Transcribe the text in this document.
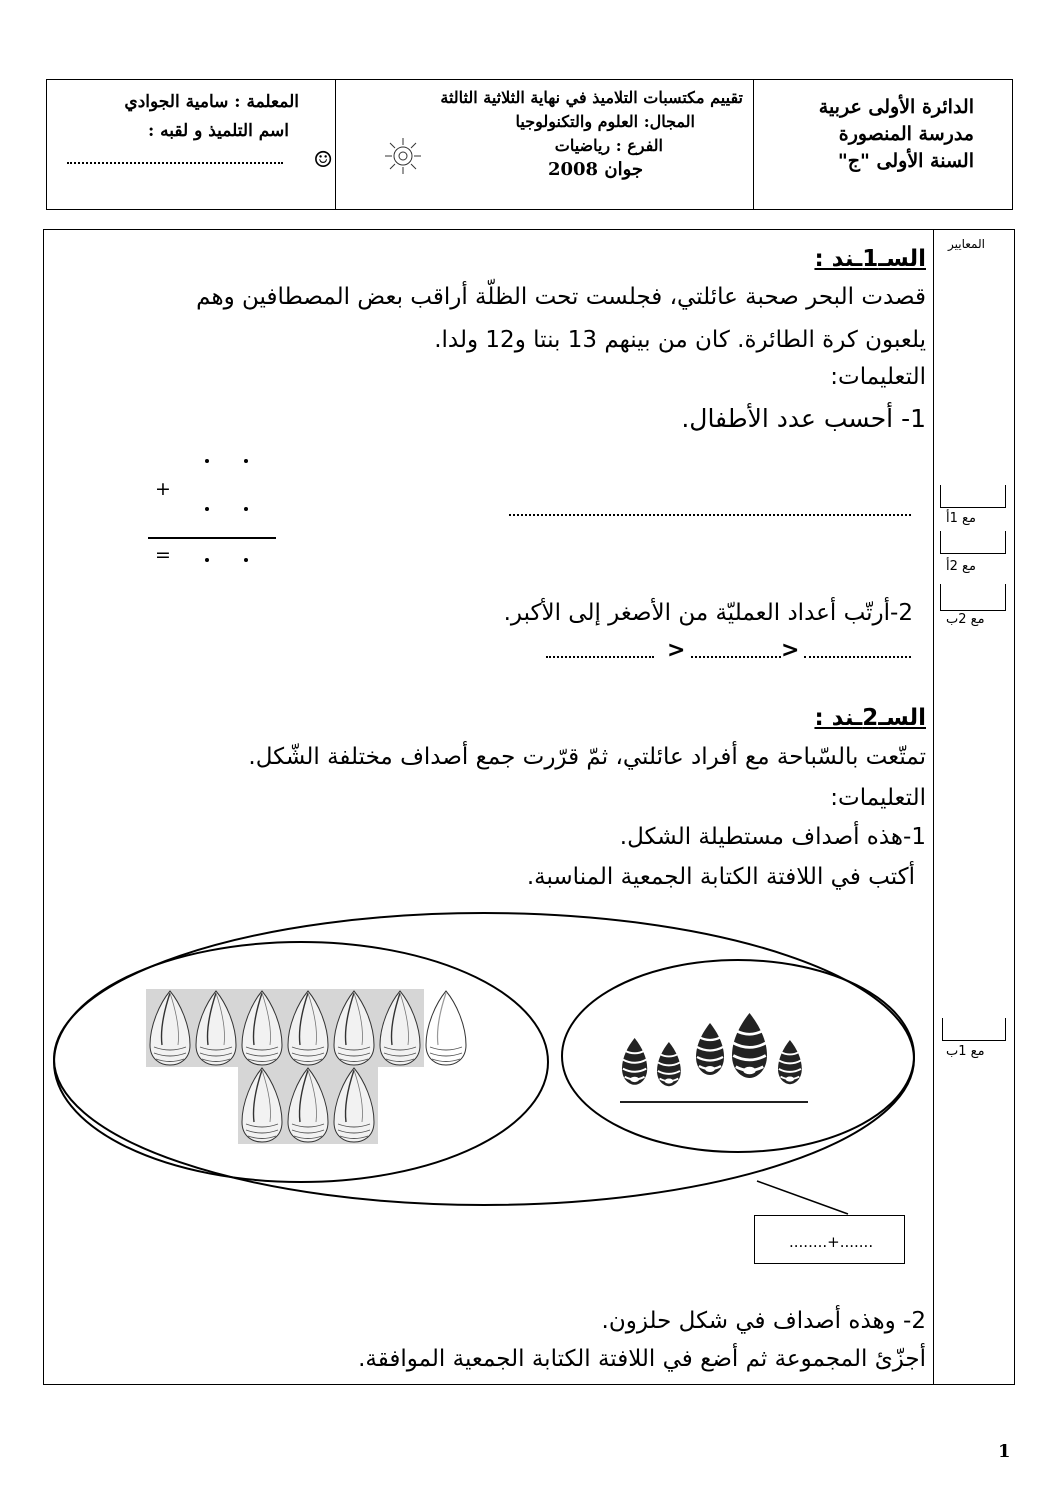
الدائرة الأولى عربية
مدرسة المنصورة
السنة الأولى "ج"
تقييم مكتسبات التلاميذ في نهاية الثلاثية الثالثة
المجال: العلوم والتكنولوجيا
الفرع : رياضيات
جوان 2008
المعلمة : سامية الجوادي
اسم التلميذ و لقبه :
☺
المعايير
مع 1أ
مع 2أ
مع 2ب
مع 1ب
السـ1ـند :
قصدت البحر صحبة عائلتي، فجلست تحت الظلّة أراقب بعض المصطافين وهم
يلعبون كرة الطائرة. كان من بينهم 13 بنتا و12 ولدا.
التعليمات:
1- أحسب عدد الأطفال.
+
=
2-أرتّب أعداد العمليّة من الأصغر إلى الأكبر.
>	>
السـ2ـند :
تمتّعت بالسّباحة مع أفراد عائلتي، ثمّ قرّرت جمع أصداف مختلفة الشّكل.
التعليمات:
1-هذه أصداف مستطيلة الشكل.
أكتب في اللافتة الكتابة الجمعية المناسبة.
........+.......
2- وهذه أصداف في شكل حلزون.
أجزّئ المجموعة ثم أضع في اللافتة الكتابة الجمعية الموافقة.
1
